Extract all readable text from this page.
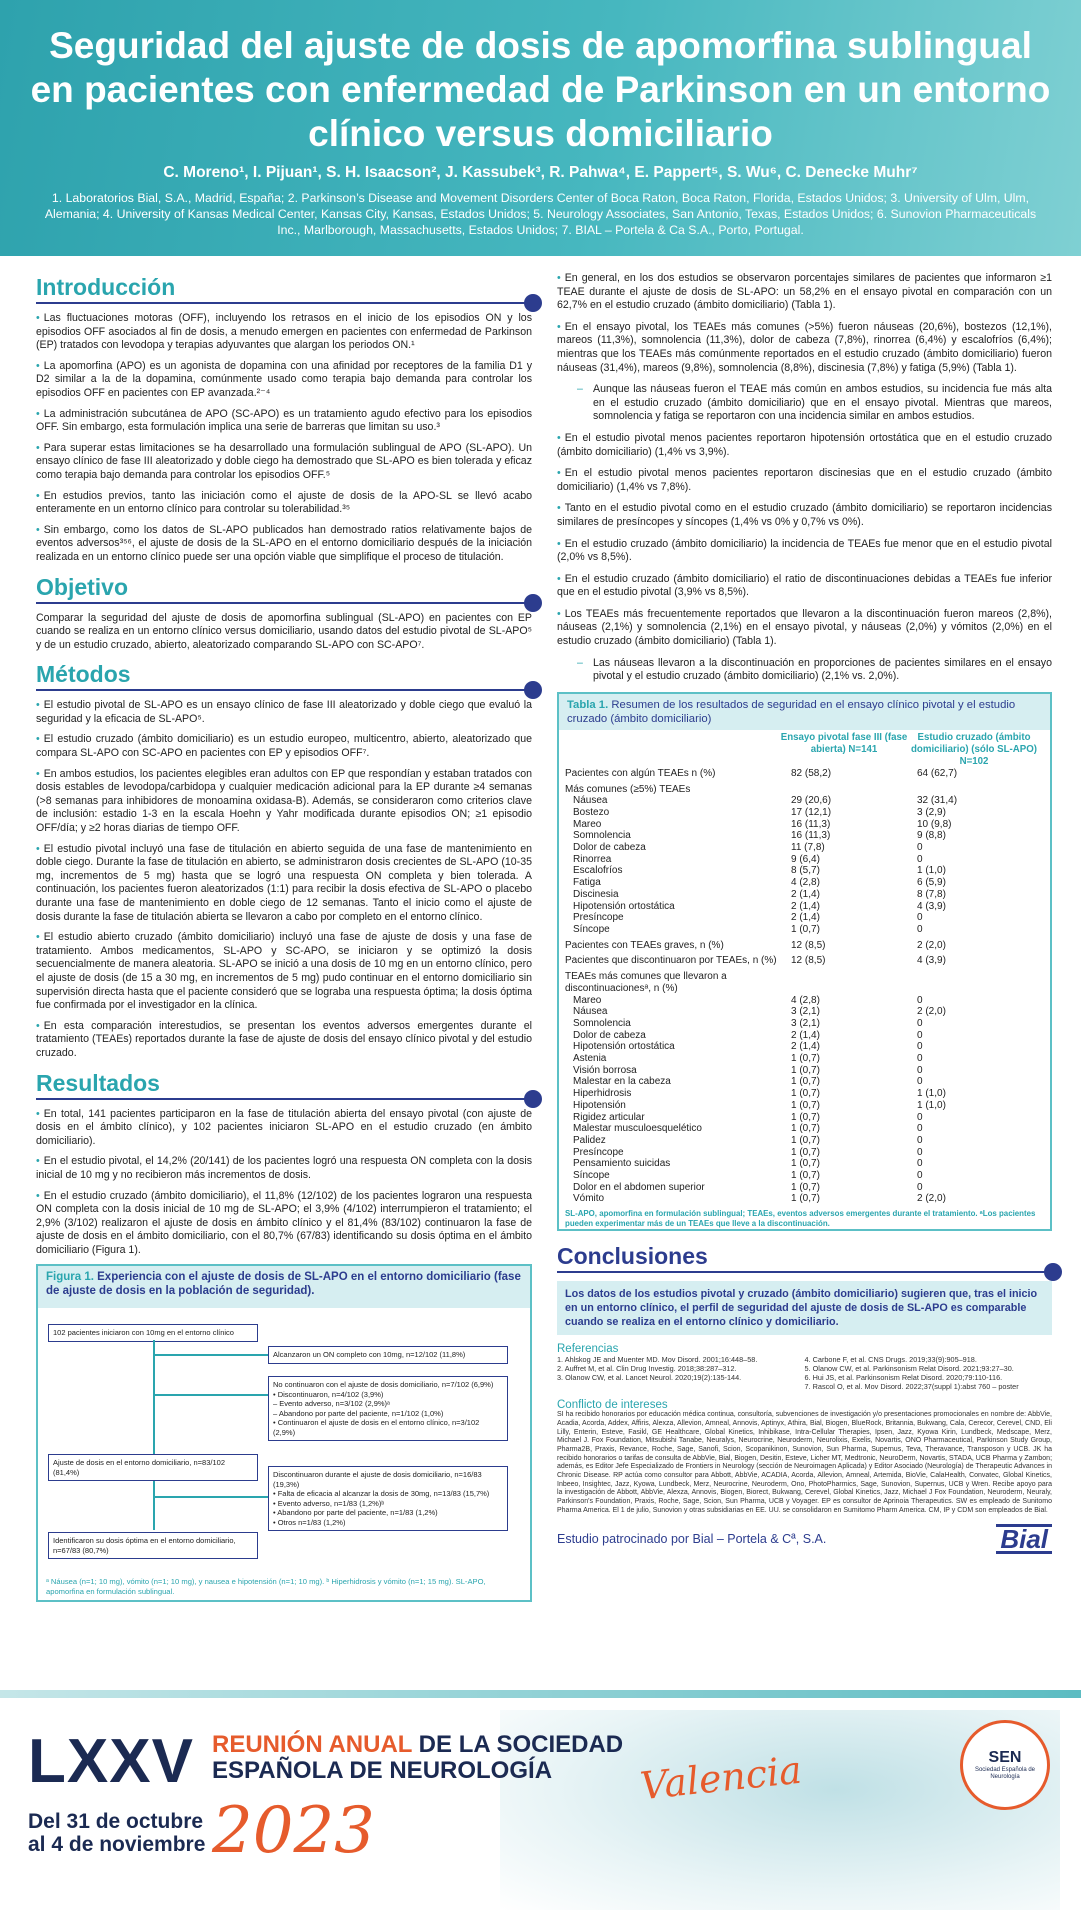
Seguridad del ajuste de dosis de apomorfina sublingual en pacientes con enfermedad de Parkinson en un entorno clínico versus domiciliario
C. Moreno¹, I. Pijuan¹, S. H. Isaacson², J. Kassubek³, R. Pahwa⁴, E. Pappert⁵, S. Wu⁶, C. Denecke Muhr⁷
1. Laboratorios Bial, S.A., Madrid, España; 2. Parkinson’s Disease and Movement Disorders Center of Boca Raton, Boca Raton, Florida, Estados Unidos; 3. University of Ulm, Ulm, Alemania; 4. University of Kansas Medical Center, Kansas City, Kansas, Estados Unidos; 5. Neurology Associates, San Antonio, Texas, Estados Unidos; 6. Sunovion Pharmaceuticals Inc., Marlborough, Massachusetts, Estados Unidos; 7. BIAL – Portela & Ca S.A., Porto, Portugal.
Introducción

• Las fluctuaciones motoras (OFF), incluyendo los retrasos en el inicio de los episodios ON y los episodios OFF asociados al fin de dosis, a menudo emergen en pacientes con enfermedad de Parkinson (EP) tratados con levodopa y terapias adyuvantes que alargan los periodos ON.¹

• La apomorfina (APO) es un agonista de dopamina con una afinidad por receptores de la familia D1 y D2 similar a la de la dopamina, comúnmente usado como terapia bajo demanda para controlar los episodios OFF en pacientes con EP avanzada.²⁻⁴

• La administración subcutánea de APO (SC-APO) es un tratamiento agudo efectivo para los episodios OFF. Sin embargo, esta formulación implica una serie de barreras que limitan su uso.³

• Para superar estas limitaciones se ha desarrollado una formulación sublingual de APO (SL-APO). Un ensayo clínico de fase III aleatorizado y doble ciego ha demostrado que SL-APO es bien tolerada y eficaz como terapia bajo demanda para controlar los episodios OFF.⁵

• En estudios previos, tanto las iniciación como el ajuste de dosis de la APO-SL se llevó acabo enteramente en un entorno clínico para controlar su tolerabilidad.³⁵

• Sin embargo, como los datos de SL-APO publicados han demostrado ratios relativamente bajos de eventos adversos³⁵⁶, el ajuste de dosis de la SL-APO en el entorno domiciliario después de la iniciación realizada en un entorno clínico puede ser una opción viable que simplifique el proceso de titulación.

Objetivo

Comparar la seguridad del ajuste de dosis de apomorfina sublingual (SL-APO) en pacientes con EP cuando se realiza en un entorno clínico versus domiciliario, usando datos del estudio pivotal de SL-APO⁵ y de un estudio cruzado, abierto, aleatorizado comparando SL-APO con SC-APO⁷.

Métodos

• El estudio pivotal de SL-APO es un ensayo clínico de fase III aleatorizado y doble ciego que evaluó la seguridad y la eficacia de SL-APO⁵.

• El estudio cruzado (ámbito domiciliario) es un estudio europeo, multicentro, abierto, aleatorizado que compara SL-APO con SC-APO en pacientes con EP y episodios OFF⁷.

• En ambos estudios, los pacientes elegibles eran adultos con EP que respondían y estaban tratados con dosis estables de levodopa/carbidopa y cualquier medicación adicional para la EP durante ≥4 semanas (>8 semanas para inhibidores de monoamina oxidasa-B). Además, se consideraron como criterios clave de inclusión: estadio 1-3 en la escala Hoehn y Yahr modificada durante episodios ON; ≥1 episodio OFF/día; y ≥2 horas diarias de tiempo OFF.

• El estudio pivotal incluyó una fase de titulación en abierto seguida de una fase de mantenimiento en doble ciego. Durante la fase de titulación en abierto, se administraron dosis crecientes de SL-APO (10-35 mg, incrementos de 5 mg) hasta que se logró una respuesta ON completa y bien tolerada. A continuación, los pacientes fueron aleatorizados (1:1) para recibir la dosis efectiva de SL-APO o placebo durante una fase de mantenimiento en doble ciego de 12 semanas. Tanto el inicio como el ajuste de dosis durante la fase de titulación abierta se llevaron a cabo por completo en el entorno clínico.

• El estudio abierto cruzado (ámbito domiciliario) incluyó una fase de ajuste de dosis y una fase de tratamiento. Ambos medicamentos, SL-APO y SC-APO, se iniciaron y se optimizó la dosis secuencialmente de manera aleatoria. SL-APO se inició a una dosis de 10 mg en un entorno clínico, pero el ajuste de dosis (de 15 a 30 mg, en incrementos de 5 mg) pudo continuar en el entorno domiciliario sin supervisión directa hasta que el paciente consideró que se lograba una respuesta óptima; la dosis óptima fue confirmada por el investigador en la clínica.

• En esta comparación interestudios, se presentan los eventos adversos emergentes durante el tratamiento (TEAEs) reportados durante la fase de ajuste de dosis del ensayo clínico pivotal y del estudio cruzado.

Resultados

• En total, 141 pacientes participaron en la fase de titulación abierta del ensayo pivotal (con ajuste de dosis en el ámbito clínico), y 102 pacientes iniciaron SL-APO en el estudio cruzado (en ámbito domiciliario).

• En el estudio pivotal, el 14,2% (20/141) de los pacientes logró una respuesta ON completa con la dosis inicial de 10 mg y no recibieron más incrementos de dosis.

• En el estudio cruzado (ámbito domiciliario), el 11,8% (12/102) de los pacientes lograron una respuesta ON completa con la dosis inicial de 10 mg de SL-APO; el 3,9% (4/102) interrumpieron el tratamiento; el 2,9% (3/102) realizaron el ajuste de dosis en ámbito clínico y el 81,4% (83/102) continuaron la fase de ajuste de dosis en el ámbito domiciliario, con el 80,7% (67/83) identificando su dosis óptima en el ámbito domiciliario (Figura 1).

Figura 1. Experiencia con el ajuste de dosis de SL-APO en el entorno domiciliario (fase de ajuste de dosis en la población de seguridad).
102 pacientes iniciaron con 10mg en el entorno clínico
Alcanzaron un ON completo con 10mg, n=12/102 (11,8%)
No continuaron con el ajuste de dosis domiciliario, n=7/102 (6,9%)
• Discontinuaron, n=4/102 (3,9%)
– Evento adverso, n=3/102 (2,9%)ᵃ
– Abandono por parte del paciente, n=1/102 (1,0%)
• Continuaron el ajuste de dosis en el entorno clínico, n=3/102 (2,9%)
Ajuste de dosis en el entorno domiciliario, n=83/102 (81,4%)	Discontinuaron durante el ajuste de dosis domiciliario, n=16/83 (19,3%)
• Falta de eficacia al alcanzar la dosis de 30mg, n=13/83 (15,7%)
• Evento adverso, n=1/83 (1,2%)ᵇ
• Abandono por parte del paciente, n=1/83 (1,2%)
• Otros n=1/83 (1,2%)
Identificaron su dosis óptima en el entorno domiciliario, n=67/83 (80,7%)
ᵃ Náusea (n=1; 10 mg), vómito (n=1; 10 mg), y nausea e hipotensión (n=1; 10 mg). ᵇ Hiperhidrosis y vómito (n=1; 15 mg). SL-APO, apomorfina en formulación sublingual.

• En general, en los dos estudios se observaron porcentajes similares de pacientes que informaron ≥1 TEAE durante el ajuste de dosis de SL-APO: un 58,2% en el ensayo pivotal en comparación con un 62,7% en el estudio cruzado (ámbito domiciliario) (Tabla 1).

• En el ensayo pivotal, los TEAEs más comunes (>5%) fueron náuseas (20,6%), bostezos (12,1%), mareos (11,3%), somnolencia (11,3%), dolor de cabeza (7,8%), rinorrea (6,4%) y escalofríos (6,4%); mientras que los TEAEs más comúnmente reportados en el estudio cruzado (ámbito domiciliario) fueron náuseas (31,4%), mareos (9,8%), somnolencia (8,8%), discinesia (7,8%) y fatiga (5,9%) (Tabla 1).

– Aunque las náuseas fueron el TEAE más común en ambos estudios, su incidencia fue más alta en el estudio cruzado (ámbito domiciliario) que en el ensayo pivotal. Mientras que mareos, somnolencia y fatiga se reportaron con una incidencia similar en ambos estudios.

• En el estudio pivotal menos pacientes reportaron hipotensión ortostática que en el estudio cruzado (ámbito domiciliario) (1,4% vs 3,9%).

• En el estudio pivotal menos pacientes reportaron discinesias que en el estudio cruzado (ámbito domiciliario) (1,4% vs 7,8%).

• Tanto en el estudio pivotal como en el estudio cruzado (ámbito domiciliario) se reportaron incidencias similares de presíncopes y síncopes (1,4% vs 0% y 0,7% vs 0%).

• En el estudio cruzado (ámbito domiciliario) la incidencia de TEAEs fue menor que en el estudio pivotal (2,0% vs 8,5%).

• En el estudio cruzado (ámbito domiciliario) el ratio de discontinuaciones debidas a TEAEs fue inferior que en el estudio pivotal (3,9% vs 8,5%).

• Los TEAEs más frecuentemente reportados que llevaron a la discontinuación fueron mareos (2,8%), náuseas (2,1%) y somnolencia (2,1%) en el ensayo pivotal, y náuseas (2,0%) y vómitos (2,0%) en el estudio cruzado (ámbito domiciliario) (Tabla 1).

– Las náuseas llevaron a la discontinuación en proporciones de pacientes similares en el ensayo pivotal y el estudio cruzado (ámbito domiciliario) (2,1% vs. 2,0%).

Tabla 1. Resumen de los resultados de seguridad en el ensayo clínico pivotal y el estudio cruzado (ámbito domiciliario)
Ensayo pivotal fase III (fase abierta) N=141
Estudio cruzado (ámbito domiciliario) (sólo SL-APO) N=102
Pacientes con algún TEAEs n (%)	82 (58,2)	64 (62,7)
Más comunes (≥5%) TEAEs
Náusea	29 (20,6)	32 (31,4)
Bostezo	17 (12,1)	3 (2,9)
Mareo	16 (11,3)	10 (9,8)
Somnolencia	16 (11,3)	9 (8,8)
Dolor de cabeza	11 (7,8)	0
Rinorrea	9 (6,4)	0
Escalofríos	8 (5,7)	1 (1,0)
Fatiga	4 (2,8)	6 (5,9)
Discinesia	2 (1,4)	8 (7,8)
Hipotensión ortostática	2 (1,4)	4 (3,9)
Presíncope	2 (1,4)	0
Síncope	1 (0,7)	0
Pacientes con TEAEs graves, n (%)	12 (8,5)	2 (2,0)
Pacientes que discontinuaron por TEAEs, n (%)	12 (8,5)	4 (3,9)
TEAEs más comunes que llevaron a discontinuacionesᵃ, n (%)
Mareo	4 (2,8)	0
Náusea	3 (2,1)	2 (2,0)
Somnolencia	3 (2,1)	0
Dolor de cabeza	2 (1,4)	0
Hipotensión ortostática	2 (1,4)	0
Astenia	1 (0,7)	0
Visión borrosa	1 (0,7)	0
Malestar en la cabeza	1 (0,7)	0
Hiperhidrosis	1 (0,7)	1 (1,0)
Hipotensión	1 (0,7)	1 (1,0)
Rigidez articular	1 (0,7)	0
Malestar musculoesquelético	1 (0,7)	0
Palidez	1 (0,7)	0
Presíncope	1 (0,7)	0
Pensamiento suicidas	1 (0,7)	0
Síncope	1 (0,7)	0
Dolor en el abdomen superior	1 (0,7)	0
Vómito	1 (0,7)	2 (2,0)
SL-APO, apomorfina en formulación sublingual; TEAEs, eventos adversos emergentes durante el tratamiento. ᵃLos pacientes pueden experimentar más de un TEAEs que lleve a la discontinuación.
Conclusiones
Los datos de los estudios pivotal y cruzado (ámbito domiciliario) sugieren que, tras el inicio en un entorno clínico, el perfil de seguridad del ajuste de dosis de SL-APO es comparable cuando se realiza en el entorno clínico y domiciliario.
Referencias
1. Ahlskog JE and Muenter MD. Mov Disord. 2001;16:448–58.
2. Auffret M, et al. Clin Drug Investig. 2018;38:287–312.
3. Olanow CW, et al. Lancet Neurol. 2020;19(2):135-144.
4. Carbone F, et al. CNS Drugs. 2019;33(9):905–918.
5. Olanow CW, et al. Parkinsonism Relat Disord. 2021;93:27–30.
6. Hui JS, et al. Parkinsonism Relat Disord. 2020;79:110-116.
7. Rascol O, et al. Mov Disord. 2022;37(suppl 1):abst 760 – poster
Conflicto de intereses

SI ha recibido honorarios por educación médica continua, consultoría, subvenciones de investigación y/o presentaciones promocionales en nombre de: AbbVie, Acadia, Acorda, Addex, Affiris, Alexza, Allevion, Amneal, Annovis, Aptinyx, Athira, Bial, Biogen, BlueRock, Britannia, Bukwang, Cala, Cerecor, Cerevel, CND, Eli Lilly, Enterin, Esteve, Fasikl, GE Healthcare, Global Kinetics, Inhibikase, Intra-Cellular Therapies, Ipsen, Jazz, Kyowa Kirin, Lundbeck, Medscape, Merz, Michael J. Fox Foundation, Mitsubishi Tanabe, Neuralys, Neurocrine, Neuroderm, Neurolixis, Exelis, Novartis, ONO Pharmaceutical, Parkinson Study Group, Pharma2B, Praxis, Revance, Roche, Sage, Sanofi, Scion, Scopanikinon, Sunovion, Sun Pharma, Supernus, Teva, Theravance, Transposon y UCB. JK ha recibido honorarios o tarifas de consulta de AbbVie, Bial, Biogen, Desitin, Esteve, Licher MT, Medtronic, NeuroDerm, Novartis, STADA, UCB Pharma y Zambon; además, es Editor Jefe Especializado de Frontiers in Neurology (sección de Neuroimagen Aplicada) y Editor Asociado (Neurología) de Therapeutic Advances in Chronic Disease. RP actúa como consultor para Abbott, AbbVie, ACADIA, Acorda, Allevion, Amneal, Artemida, BioVie, CalaHealth, Convatec, Global Kinetics, Inbeeo, Insightec, Jazz, Kyowa, Lundbeck, Merz, Neurocrine, Neuroderm, Ono, PhotoPharmics, Sage, Sunovion, Supernus, UCB y Wren. Recibe apoyo para la investigación de Abbott, AbbVie, Alexza, Annovis, Biogen, Biorect, Bukwang, Cerevel, Global Kinetics, Jazz, Michael J Fox Foundation, Neuroderm, Neuraly, Parkinson's Foundation, Praxis, Roche, Sage, Scion, Sun Pharma, UCB y Voyager. EP es consultor de Aprinoia Therapeutics. SW es empleado de Sunitomo Pharma America. El 1 de julio, Sunovion y otras subsidiarias en EE. UU. se consolidaron en Sumitomo Pharm America. CM, IP y CDM son empleados de Bial.

Estudio patrocinado por Bial – Portela & Cª, S.A.	Bial
LXXV REUNIÓN ANUAL DE LA SOCIEDAD
ESPAÑOLA DE NEUROLOGÍA
Del 31 de octubre
al 4 de noviembre 2023
Valencia	SEN
Sociedad Española de Neurología
